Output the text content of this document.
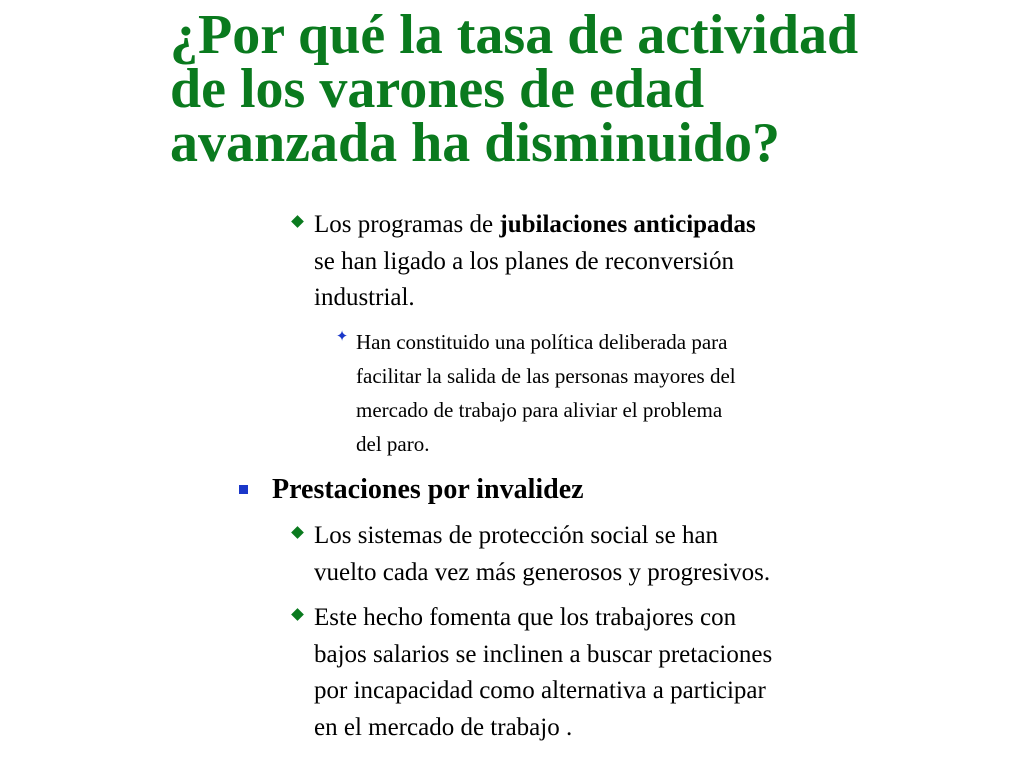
¿Por qué la tasa de actividad
de los varones de edad
avanzada ha disminuido?
Los programas de jubilaciones anticipadas
se han ligado a los planes de reconversión
industrial.
✦ Han constituido una política deliberada para
facilitar la salida de las personas mayores del
mercado de trabajo para aliviar el problema
del paro.
Prestaciones por invalidez
Los sistemas de protección social se han
vuelto cada vez más generosos y progresivos.
Este hecho fomenta que los trabajores con
bajos salarios se inclinen a buscar pretaciones
por incapacidad como alternativa a participar
en el mercado de trabajo .
